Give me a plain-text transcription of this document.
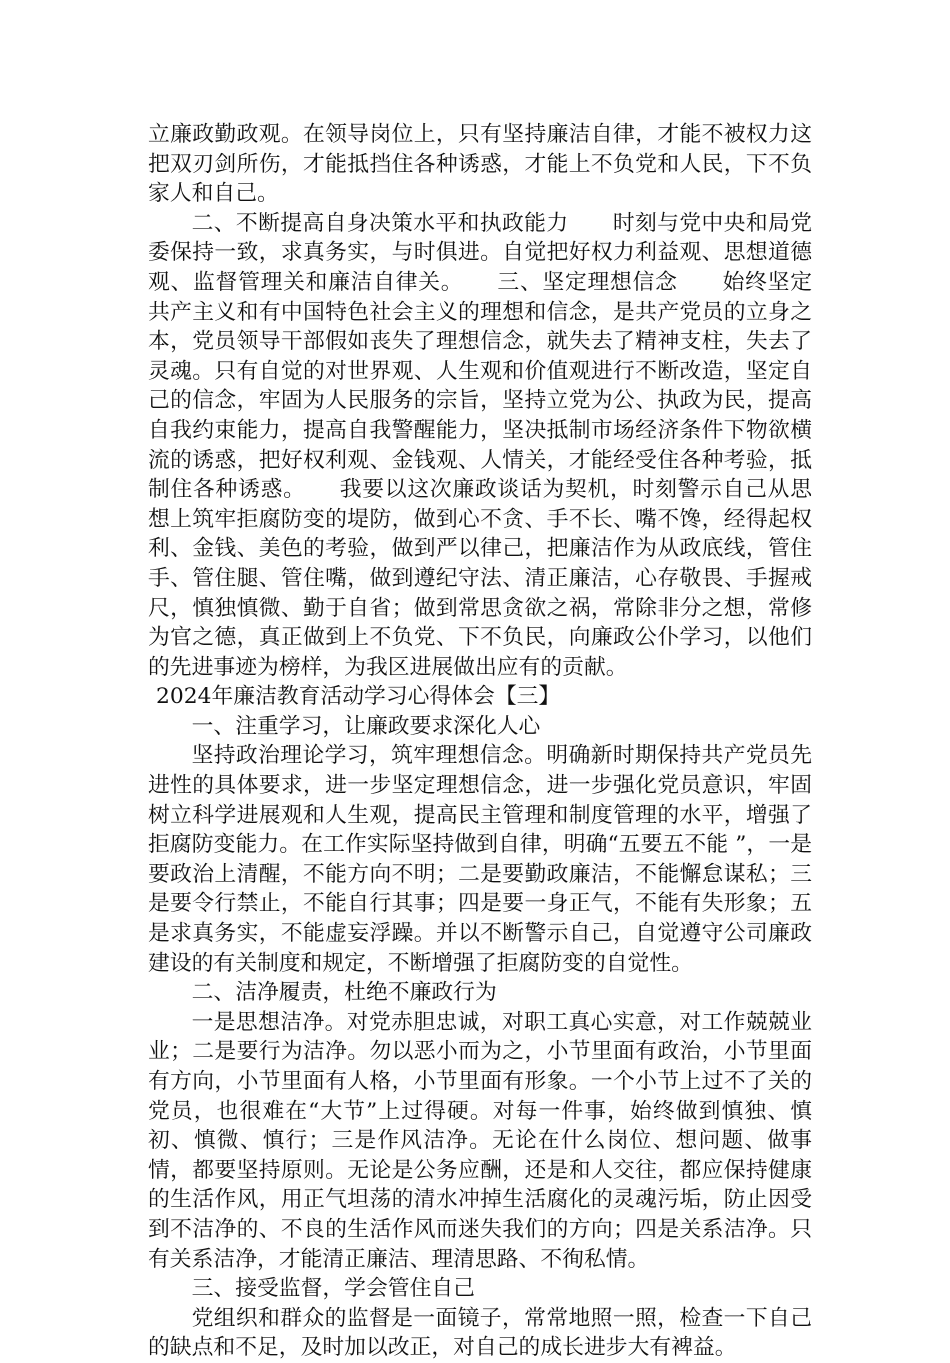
立廉政勤政观。在领导岗位上，只有坚持廉洁自律，才能不被权力这把双刃剑所伤，才能抵挡住各种诱惑，才能上不负党和人民，下不负家人和自己。

二、不断提高自身决策水平和执政能力　　时刻与党中央和局党委保持一致，求真务实，与时俱进。自觉把好权力利益观、思想道德观、监督管理关和廉洁自律关。　　三、坚定理想信念　　始终坚定共产主义和有中国特色社会主义的理想和信念，是共产党员的立身之本，党员领导干部假如丧失了理想信念，就失去了精神支柱，失去了灵魂。只有自觉的对世界观、人生观和价值观进行不断改造，坚定自己的信念，牢固为人民服务的宗旨，坚持立党为公、执政为民，提高自我约束能力，提高自我警醒能力，坚决抵制市场经济条件下物欲横流的诱惑，把好权利观、金钱观、人情关，才能经受住各种考验，抵制住各种诱惑。　　我要以这次廉政谈话为契机，时刻警示自己从思想上筑牢拒腐防变的堤防，做到心不贪、手不长、嘴不馋，经得起权利、金钱、美色的考验，做到严以律己，把廉洁作为从政底线，管住手、管住腿、管住嘴，做到遵纪守法、清正廉洁，心存敬畏、手握戒尺，慎独慎微、勤于自省；做到常思贪欲之祸，常除非分之想，常修为官之德，真正做到上不负党、下不负民，向廉政公仆学习，以他们的先进事迹为榜样，为我区进展做出应有的贡献。

2024年廉洁教育活动学习心得体会【三】

一、注重学习，让廉政要求深化人心

坚持政治理论学习，筑牢理想信念。明确新时期保持共产党员先进性的具体要求，进一步坚定理想信念，进一步强化党员意识，牢固树立科学进展观和人生观，提高民主管理和制度管理的水平，增强了拒腐防变能力。在工作实际坚持做到自律，明确“五要五不能 ”，一是要政治上清醒，不能方向不明；二是要勤政廉洁，不能懈怠谋私；三是要令行禁止，不能自行其事；四是要一身正气，不能有失形象；五是求真务实，不能虚妄浮躁。并以不断警示自己，自觉遵守公司廉政建设的有关制度和规定，不断增强了拒腐防变的自觉性。

二、洁净履责，杜绝不廉政行为

一是思想洁净。对党赤胆忠诚，对职工真心实意，对工作兢兢业业；二是要行为洁净。勿以恶小而为之，小节里面有政治，小节里面有方向，小节里面有人格，小节里面有形象。一个小节上过不了关的党员，也很难在“大节”上过得硬。对每一件事，始终做到慎独、慎初、慎微、慎行；三是作风洁净。无论在什么岗位、想问题、做事情，都要坚持原则。无论是公务应酬，还是和人交往，都应保持健康的生活作风，用正气坦荡的清水冲掉生活腐化的灵魂污垢，防止因受到不洁净的、不良的生活作风而迷失我们的方向；四是关系洁净。只有关系洁净，才能清正廉洁、理清思路、不徇私情。

三、接受监督，学会管住自己

党组织和群众的监督是一面镜子，常常地照一照，检查一下自己的缺点和不足，及时加以改正，对自己的成长进步大有裨益。
